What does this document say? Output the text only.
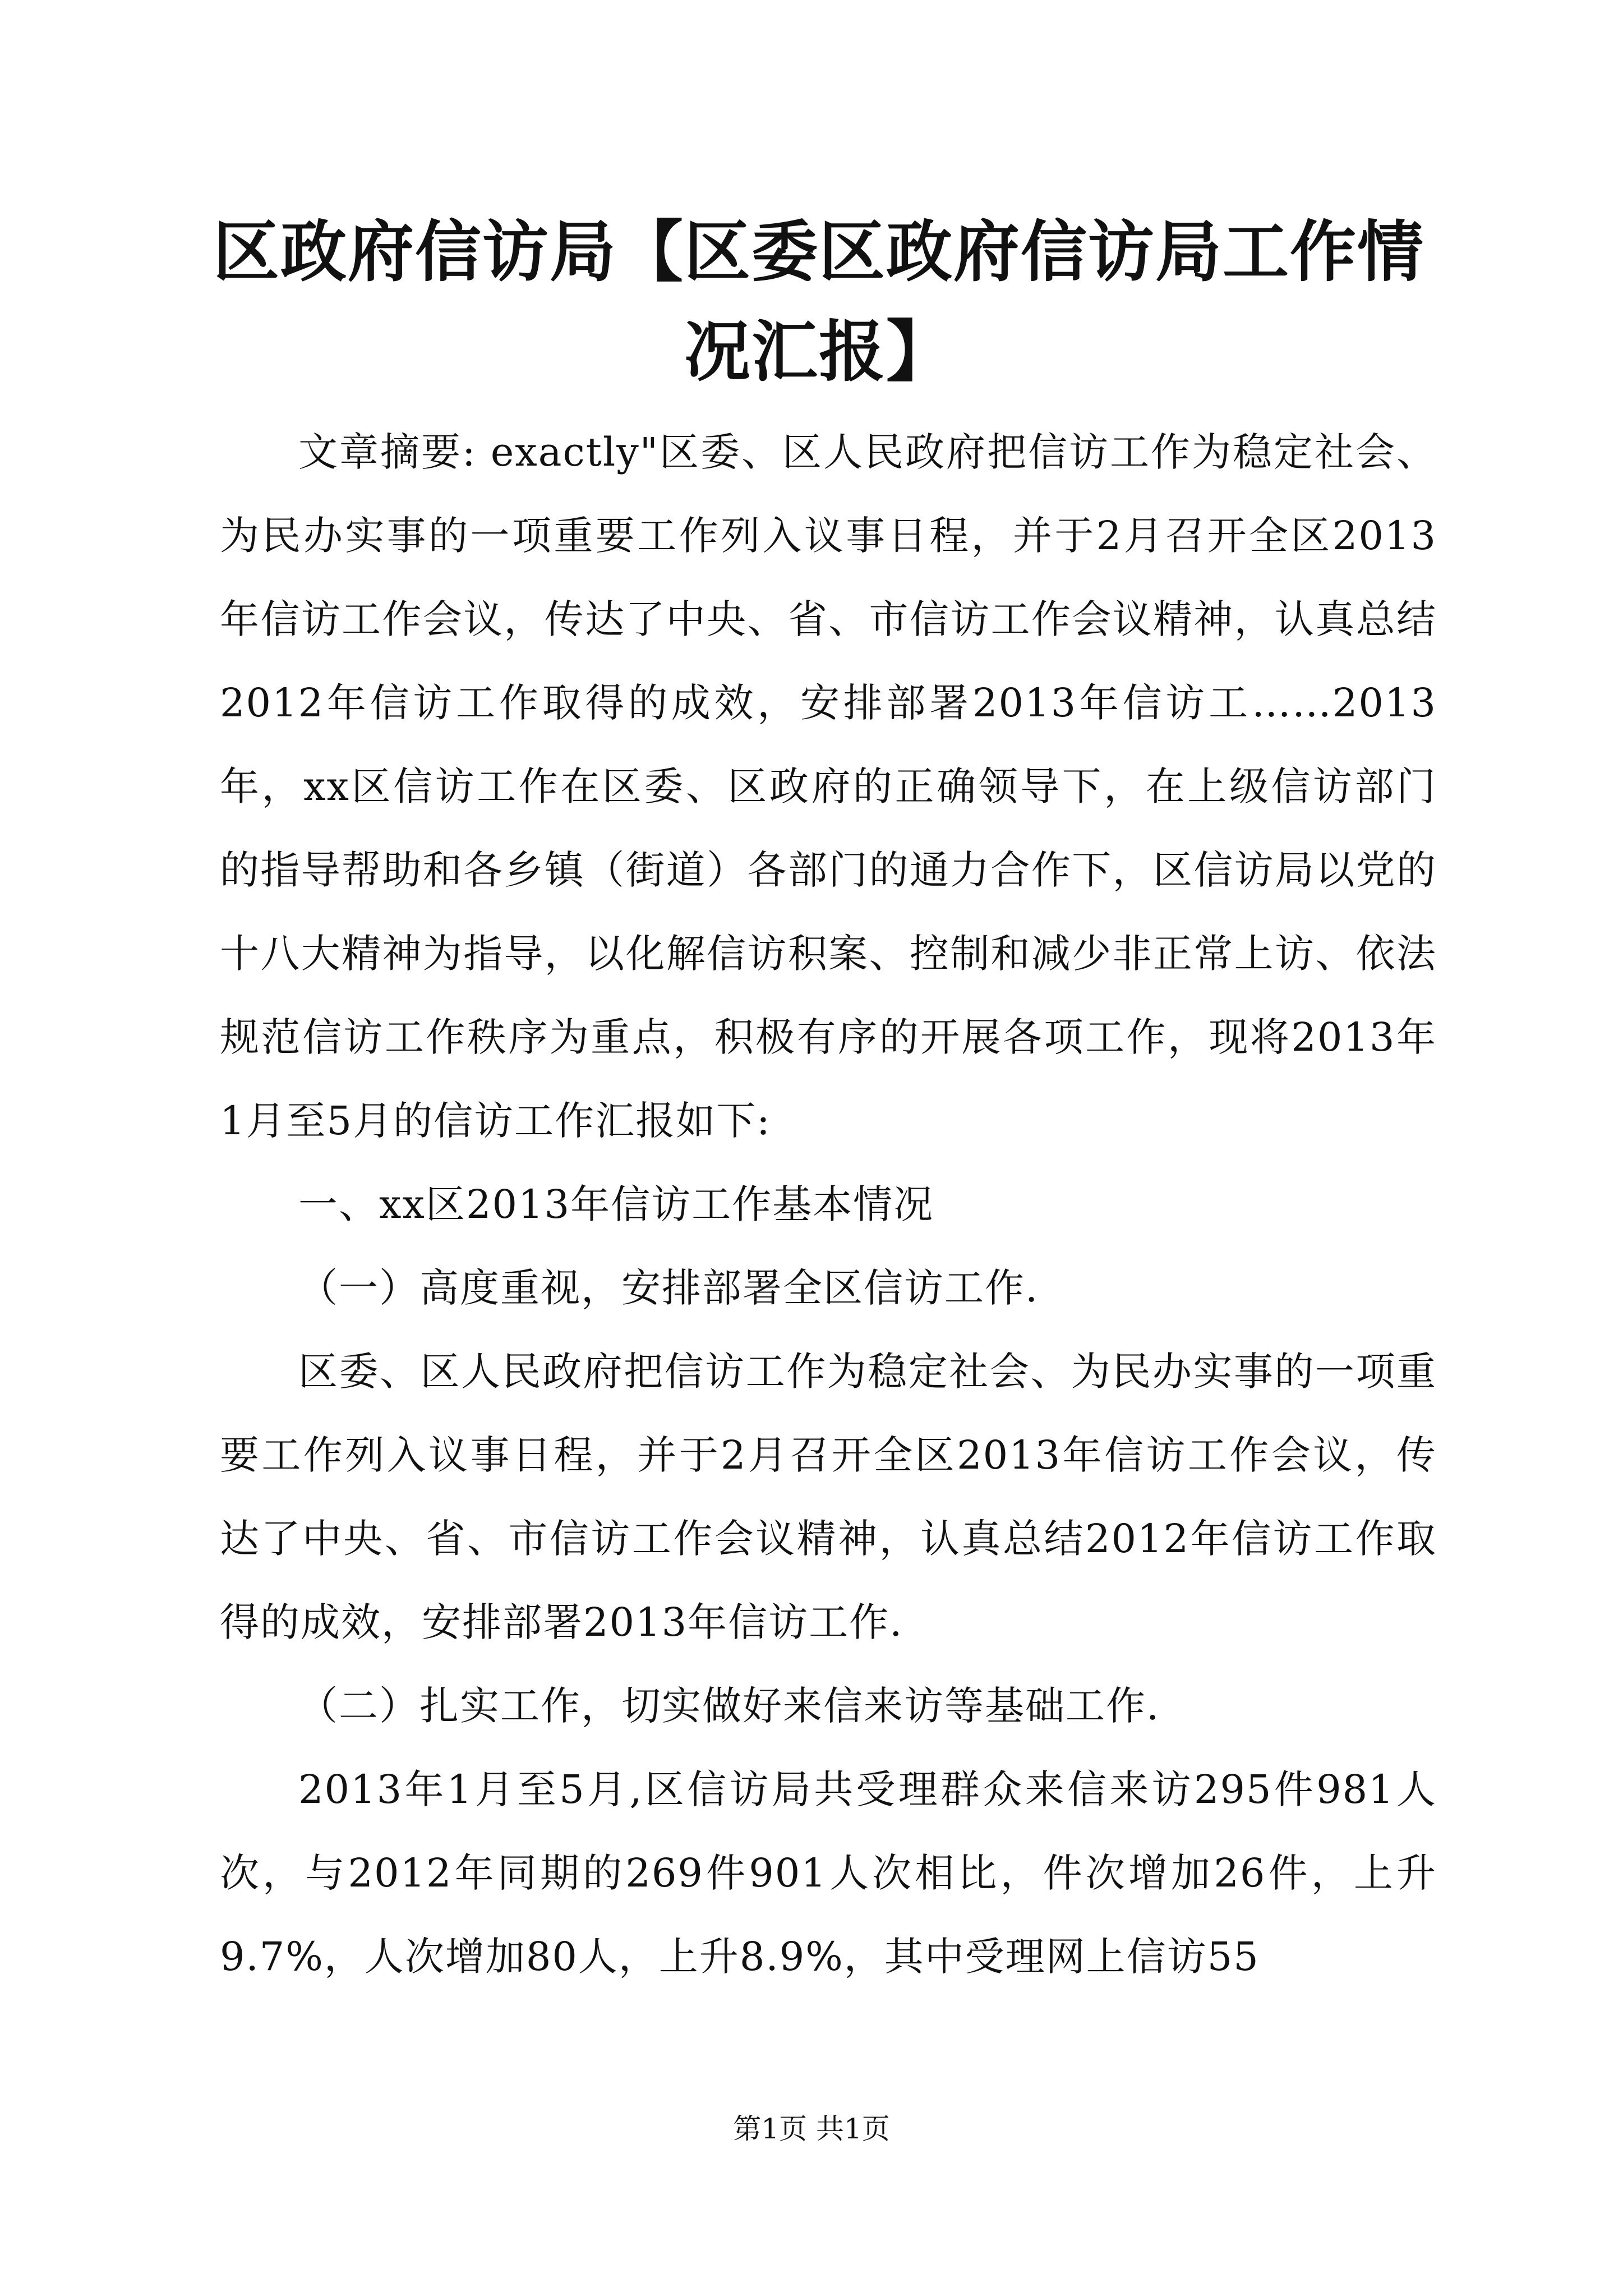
区政府信访局【区委区政府信访局工作情况汇报】

文章摘要: exactly"区委、区人民政府把信访工作为稳定社会、为民办实事的一项重要工作列入议事日程，并于2月召开全区2013年信访工作会议，传达了中央、省、市信访工作会议精神，认真总结2012年信访工作取得的成效，安排部署2013年信访工……2013年，xx区信访工作在区委、区政府的正确领导下，在上级信访部门的指导帮助和各乡镇（街道）各部门的通力合作下，区信访局以党的十八大精神为指导，以化解信访积案、控制和减少非正常上访、依法规范信访工作秩序为重点，积极有序的开展各项工作，现将2013年1月至5月的信访工作汇报如下:

一、xx区2013年信访工作基本情况

（一）高度重视，安排部署全区信访工作.

区委、区人民政府把信访工作为稳定社会、为民办实事的一项重要工作列入议事日程，并于2月召开全区2013年信访工作会议，传达了中央、省、市信访工作会议精神，认真总结2012年信访工作取得的成效，安排部署2013年信访工作.

（二）扎实工作，切实做好来信来访等基础工作.

2013年1月至5月,区信访局共受理群众来信来访295件981人次，与2012年同期的269件901人次相比，件次增加26件，上升9.7%，人次增加80人，上升8.9%，其中受理网上信访55

第1页 共1页
